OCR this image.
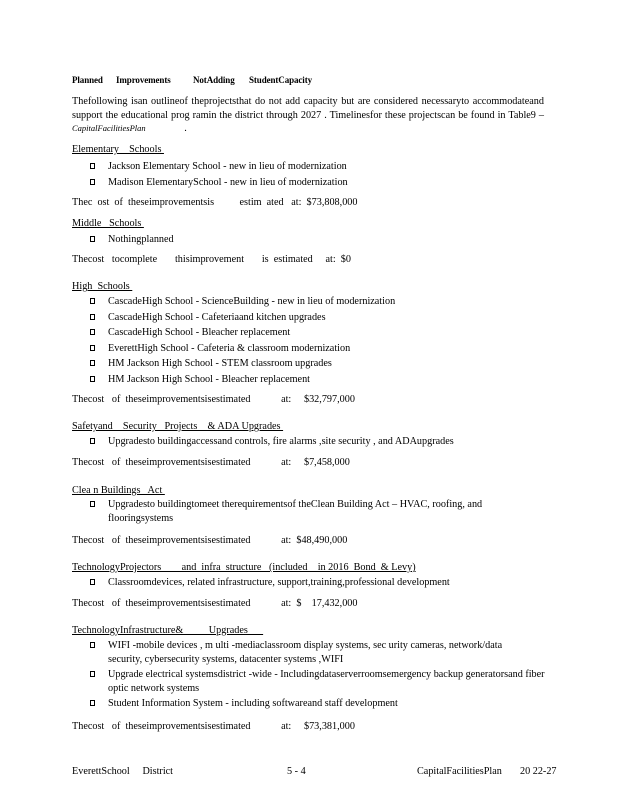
Planned	Improvements	NotAdding	StudentCapacity
Thefollowing isan outlineof theprojectsthat do not add capacity but are considered necessaryto accommodateand support the educational prog ramin the district through 2027 . Timelinesfor these projectscan be found in Table9 – CapitalFacilitiesPlan	.
Elementary    Schools
Jackson Elementary School - new in lieu of modernization
Madison ElementarySchool - new in lieu of modernization
Thec  ost  of  theseimprovementsis          estim  ated   at:  $73,808,000
Middle   Schools
Nothingplanned
Thecost   tocomplete       thisimprovement       is  estimated     at:  $0
High  Schools
CascadeHigh School - ScienceBuilding - new in lieu of modernization
CascadeHigh School - Cafeteriaand kitchen upgrades
CascadeHigh School - Bleacher replacement
EverettHigh School - Cafeteria & classroom modernization
HM Jackson High School - STEM classroom upgrades
HM Jackson High School - Bleacher replacement
Thecost   of  theseimprovementsisestimated            at:     $32,797,000
Safetyand    Security   Projects    & ADA Upgrades
Upgradesto buildingaccessand controls, fire alarms ,site security , and ADAupgrades
Thecost   of  theseimprovementsisestimated            at:     $7,458,000
Clea n Buildings   Act
Upgradesto buildingtomeet therequirementsof theClean Building Act – HVAC, roofing, and flooringsystems
Thecost   of  theseimprovementsisestimated            at:  $48,490,000
TechnologyProjectors        and  infra  structure   (included    in 2016  Bond  & Levy)
Classroomdevices, related infrastructure, support,training,professional development
Thecost   of  theseimprovementsisestimated            at:  $    17,432,000
TechnologyInfrastructure&          Upgrades
WIFI -mobile devices , m ulti -mediaclassroom display systems, sec urity cameras, network/data security, cybersecurity systems, datacenter systems ,WIFI
Upgrade electrical systemsdistrict -wide - Includingdataserverroomsemergency backup generatorsand fiber optic network systems
Student Information System - including softwareand staff development
Thecost   of  theseimprovementsisestimated            at:     $73,381,000
EverettSchool     District	5 - 4	CapitalFacilitiesPlan 20 22-27
